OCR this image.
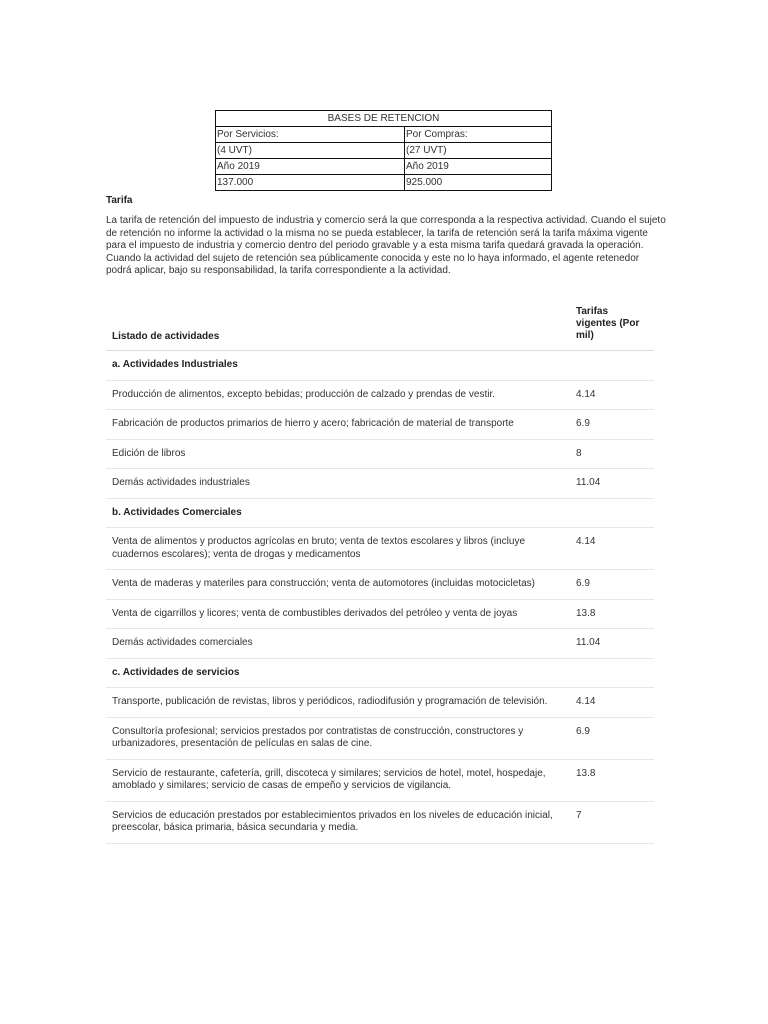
BASES DE RETENCION	
Por Servicios:	Por Compras:
(4 UVT)	(27 UVT)
Año 2019	Año 2019
137.000	925.000
Tarifa

La tarifa de retención del impuesto de industria y comercio será la que corresponda a la respectiva actividad. Cuando el sujeto de retención no informe la actividad o la misma no se pueda establecer, la tarifa de retención será la tarifa máxima vigente para el impuesto de industria y comercio dentro del periodo gravable y a esta misma tarifa quedará gravada la operación.

Cuando la actividad del sujeto de retención sea públicamente conocida y este no lo haya informado, el agente retenedor podrá aplicar, bajo su responsabilidad, la tarifa correspondiente a la actividad.

Listado de actividades	Tarifas vigentes (Por mil)
a. Actividades Industriales	
Producción de alimentos, excepto bebidas; producción de calzado y prendas de vestir.	4.14
Fabricación de productos primarios de hierro y acero; fabricación de material de transporte	6.9
Edición de libros	8
Demás actividades industriales	11.04
b. Actividades Comerciales	
Venta de alimentos y productos agrícolas en bruto; venta de textos escolares y libros (incluye cuadernos escolares); venta de drogas y medicamentos	4.14
Venta de maderas y materiles para construcción; venta de automotores (incluidas motocicletas)	6.9
Venta de cigarrillos y licores; venta de combustibles derivados del petróleo y venta de joyas	13.8
Demás actividades comerciales	11.04
c. Actividades de servicios	
Transporte, publicación de revistas, libros y periódicos, radiodifusión y programación de televisión.	4.14
Consultoría profesional; servicios prestados por contratistas de construcción, constructores y urbanizadores, presentación de películas en salas de cine.	6.9
Servicio de restaurante, cafetería, grill, discoteca y similares; servicios de hotel, motel, hospedaje, amoblado y similares; servicio de casas de empeño y servicios de vigilancia.	13.8
Servicios de educación prestados por establecimientos privados en los niveles de educación inicial, preescolar, básica primaria, básica secundaria y media.	7
